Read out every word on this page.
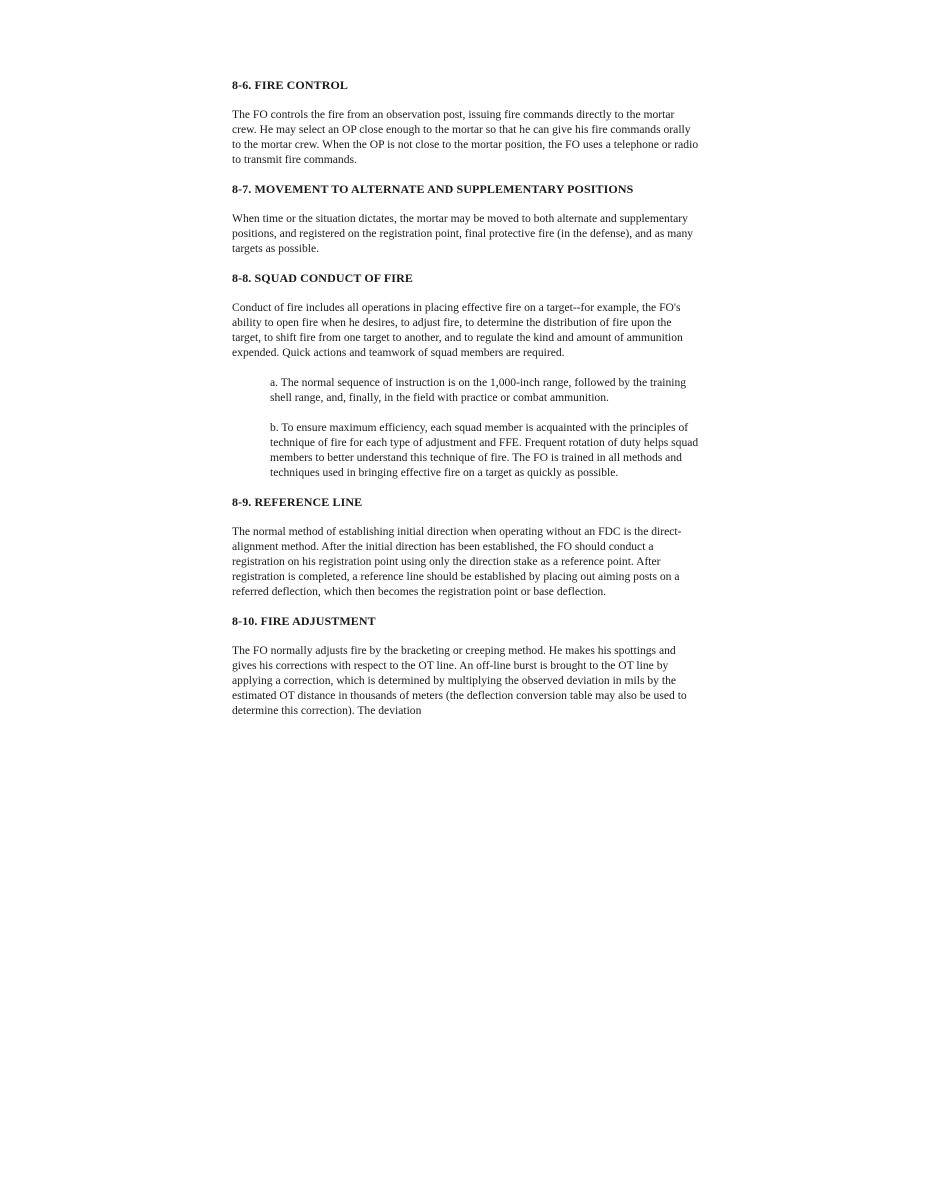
8-6. FIRE CONTROL

The FO controls the fire from an observation post, issuing fire commands directly to the mortar crew. He may select an OP close enough to the mortar so that he can give his fire commands orally to the mortar crew. When the OP is not close to the mortar position, the FO uses a telephone or radio to transmit fire commands.

8-7. MOVEMENT TO ALTERNATE AND SUPPLEMENTARY POSITIONS

When time or the situation dictates, the mortar may be moved to both alternate and supplementary positions, and registered on the registration point, final protective fire (in the defense), and as many targets as possible.

8-8. SQUAD CONDUCT OF FIRE

Conduct of fire includes all operations in placing effective fire on a target--for example, the FO's ability to open fire when he desires, to adjust fire, to determine the distribution of fire upon the target, to shift fire from one target to another, and to regulate the kind and amount of ammunition expended. Quick actions and teamwork of squad members are required.

a. The normal sequence of instruction is on the 1,000-inch range, followed by the training shell range, and, finally, in the field with practice or combat ammunition.

b. To ensure maximum efficiency, each squad member is acquainted with the principles of technique of fire for each type of adjustment and FFE. Frequent rotation of duty helps squad members to better understand this technique of fire. The FO is trained in all methods and techniques used in bringing effective fire on a target as quickly as possible.

8-9. REFERENCE LINE

The normal method of establishing initial direction when operating without an FDC is the direct-alignment method. After the initial direction has been established, the FO should conduct a registration on his registration point using only the direction stake as a reference point. After registration is completed, a reference line should be established by placing out aiming posts on a referred deflection, which then becomes the registration point or base deflection.

8-10. FIRE ADJUSTMENT

The FO normally adjusts fire by the bracketing or creeping method. He makes his spottings and gives his corrections with respect to the OT line. An off-line burst is brought to the OT line by applying a correction, which is determined by multiplying the observed deviation in mils by the estimated OT distance in thousands of meters (the deflection conversion table may also be used to determine this correction). The deviation
